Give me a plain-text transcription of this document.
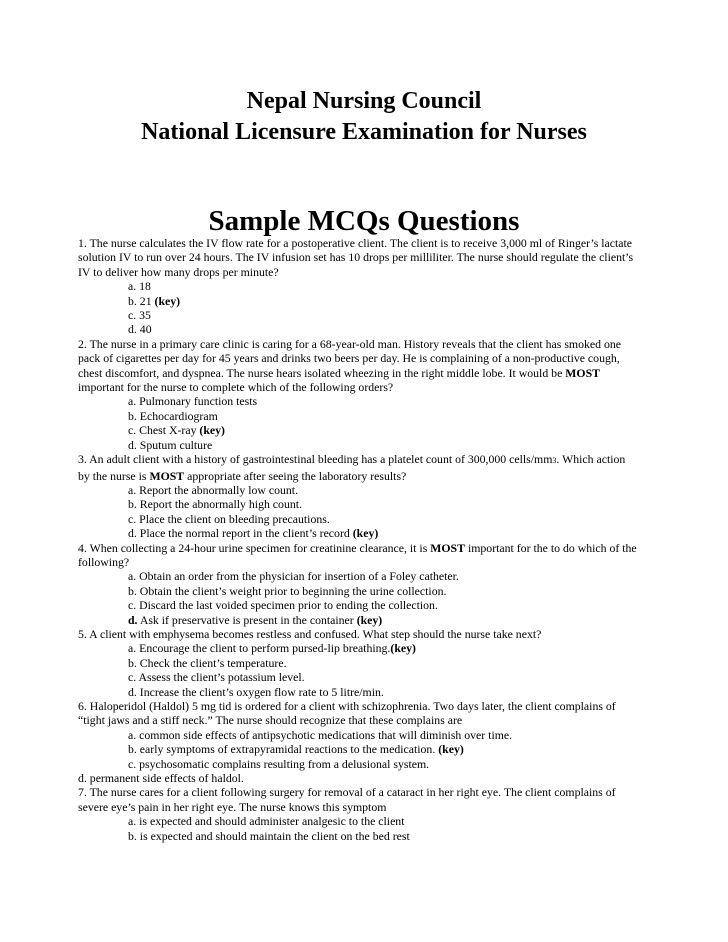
Nepal Nursing Council
National Licensure Examination for Nurses
Sample MCQs Questions

1. The nurse calculates the IV flow rate for a postoperative client. The client is to receive 3,000 ml of Ringer’s lactate solution IV to run over 24 hours. The IV infusion set has 10 drops per milliliter. The nurse should regulate the client’s IV to deliver how many drops per minute?

a. 18

b. 21 (key)

c. 35

d. 40

2. The nurse in a primary care clinic is caring for a 68-year-old man. History reveals that the client has smoked one pack of cigarettes per day for 45 years and drinks two beers per day. He is complaining of a non-productive cough, chest discomfort, and dyspnea. The nurse hears isolated wheezing in the right middle lobe. It would be MOST important for the nurse to complete which of the following orders?

a. Pulmonary function tests

b. Echocardiogram

c. Chest X-ray (key)

d. Sputum culture

3. An adult client with a history of gastrointestinal bleeding has a platelet count of 300,000 cells/mm3. Which action by the nurse is MOST appropriate after seeing the laboratory results?

a. Report the abnormally low count.

b. Report the abnormally high count.

c. Place the client on bleeding precautions.

d. Place the normal report in the client’s record (key)

4. When collecting a 24-hour urine specimen for creatinine clearance, it is MOST important for the to do which of the following?

a. Obtain an order from the physician for insertion of a Foley catheter.

b. Obtain the client’s weight prior to beginning the urine collection.

c. Discard the last voided specimen prior to ending the collection.

d. Ask if preservative is present in the container (key)

5. A client with emphysema becomes restless and confused. What step should the nurse take next?

a. Encourage the client to perform pursed-lip breathing.(key)

b. Check the client’s temperature.

c. Assess the client’s potassium level.

d. Increase the client’s oxygen flow rate to 5 litre/min.

6. Haloperidol (Haldol) 5 mg tid is ordered for a client with schizophrenia. Two days later, the client complains of “tight jaws and a stiff neck.” The nurse should recognize that these complains are

a. common side effects of antipsychotic medications that will diminish over time.

b. early symptoms of extrapyramidal reactions to the medication. (key)

c. psychosomatic complains resulting from a delusional system.

d. permanent side effects of haldol.

7. The nurse cares for a client following surgery for removal of a cataract in her right eye. The client complains of severe eye’s pain in her right eye. The nurse knows this symptom

a. is expected and should administer analgesic to the client

b. is expected and should maintain the client on the bed rest
